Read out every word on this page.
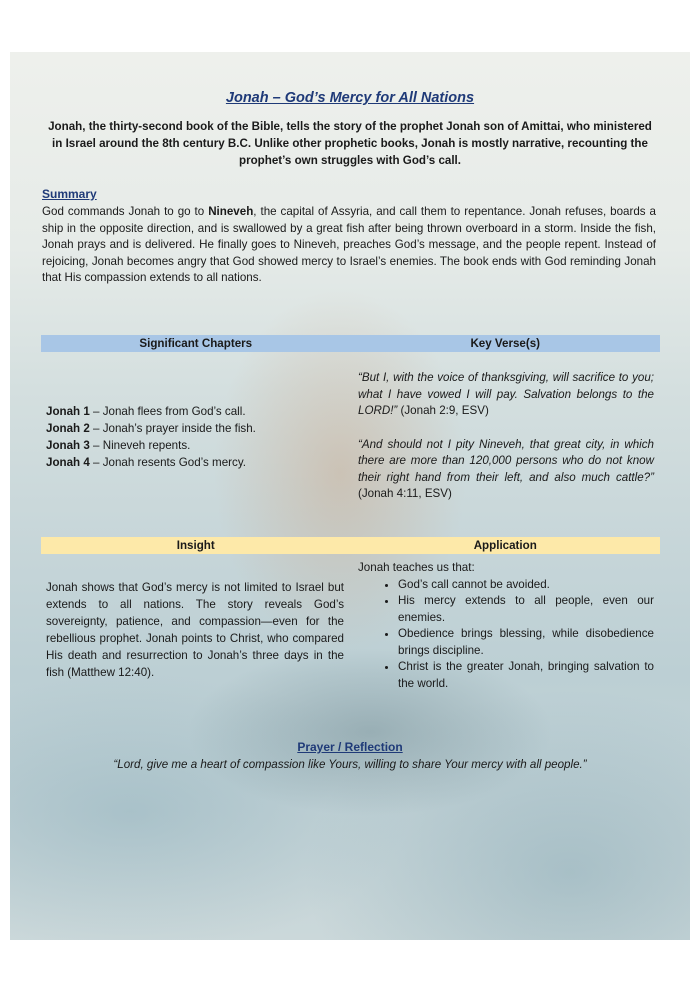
Jonah – God’s Mercy for All Nations
Jonah, the thirty-second book of the Bible, tells the story of the prophet Jonah son of Amittai, who ministered in Israel around the 8th century B.C. Unlike other prophetic books, Jonah is mostly narrative, recounting the prophet’s own struggles with God’s call.
Summary
God commands Jonah to go to Nineveh, the capital of Assyria, and call them to repentance. Jonah refuses, boards a ship in the opposite direction, and is swallowed by a great fish after being thrown overboard in a storm. Inside the fish, Jonah prays and is delivered. He finally goes to Nineveh, preaches God’s message, and the people repent. Instead of rejoicing, Jonah becomes angry that God showed mercy to Israel’s enemies. The book ends with God reminding Jonah that His compassion extends to all nations.
Significant Chapters	Key Verse(s)

Jonah 1 – Jonah flees from God’s call.

Jonah 2 – Jonah’s prayer inside the fish.

Jonah 3 – Nineveh repents.

Jonah 4 – Jonah resents God’s mercy.

“But I, with the voice of thanksgiving, will sacrifice to you; what I have vowed I will pay. Salvation belongs to the LORD!” (Jonah 2:9, ESV)

“And should not I pity Nineveh, that great city, in which there are more than 120,000 persons who do not know their right hand from their left, and also much cattle?” (Jonah 4:11, ESV)

Insight	Application
Jonah shows that God’s mercy is not limited to Israel but extends to all nations. The story reveals God’s sovereignty, patience, and compassion—even for the rebellious prophet. Jonah points to Christ, who compared His death and resurrection to Jonah’s three days in the fish (Matthew 12:40).
Jonah teaches us that:
• God’s call cannot be avoided.
• His mercy extends to all people, even our enemies.
• Obedience brings blessing, while disobedience brings discipline.
• Christ is the greater Jonah, bringing salvation to the world.
Prayer / Reflection
“Lord, give me a heart of compassion like Yours, willing to share Your mercy with all people.”
